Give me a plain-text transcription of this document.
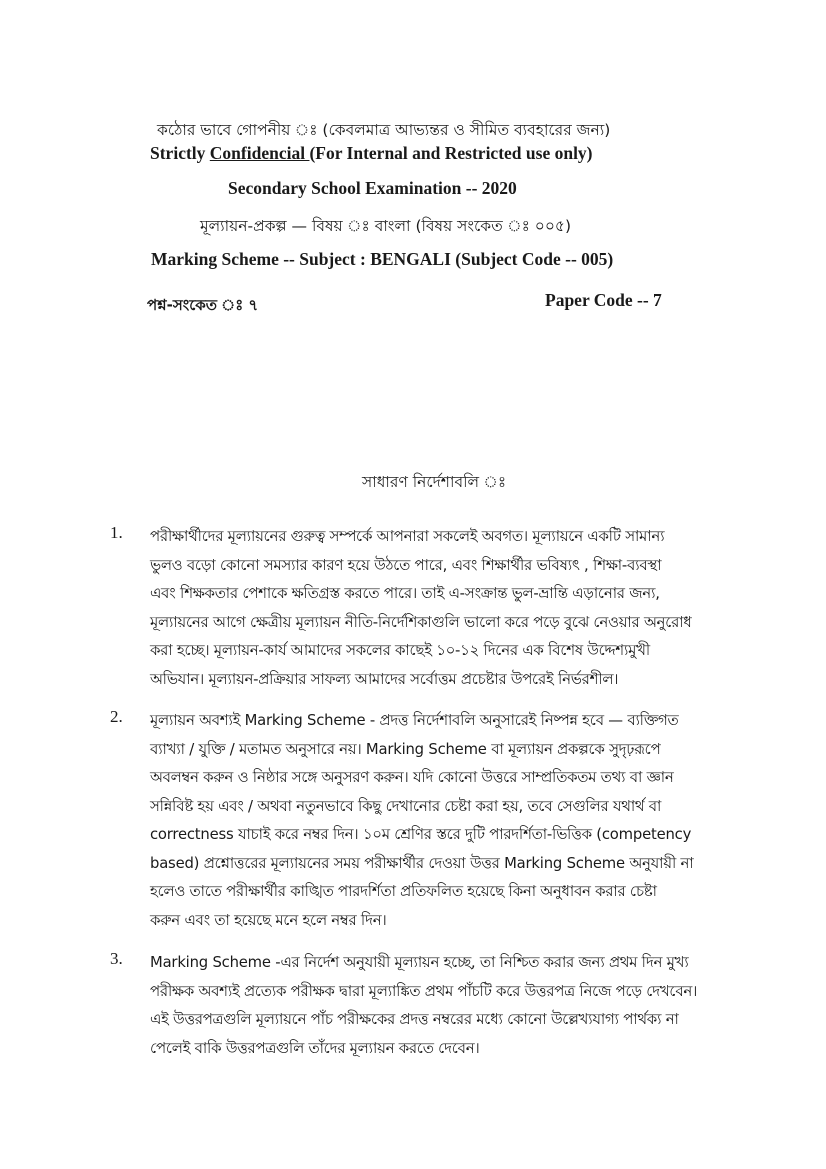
কঠোর ভাবে গোপনীয় ঃ (কেবলমাত্র আভ্যন্তর ও সীমিত ব্যবহারের জন্য)
Strictly Confidencial (For Internal and Restricted use only)
Secondary School Examination -- 2020
মূল্যায়ন-প্রকল্প — বিষয় ঃ বাংলা (বিষয় সংকেত ঃ ০০৫)
Marking Scheme -- Subject : BENGALI (Subject Code -- 005)
পশ্ন-সংকেত ঃ ৭	Paper Code -- 7
সাধারণ নির্দেশাবলি ঃ
1. পরীক্ষার্থীদের মূল্যায়নের গুরুত্ব সম্পর্কে আপনারা সকলেই অবগত। মূল্যায়নে একটি সামান্য
ভুলও বড়ো কোনো সমস্যার কারণ হয়ে উঠতে পারে, এবং শিক্ষার্থীর ভবিষ্যৎ , শিক্ষা-ব্যবস্থা
এবং শিক্ষকতার পেশাকে ক্ষতিগ্রস্ত করতে পারে। তাই এ-সংক্রান্ত ভুল-ভ্রান্তি এড়ানোর জন্য,
মূল্যায়নের আগে ক্ষেত্রীয় মূল্যায়ন নীতি-নির্দেশিকাগুলি ভালো করে পড়ে বুঝে নেওয়ার অনুরোধ
করা হচ্ছে। মূল্যায়ন-কার্য আমাদের সকলের কাছেই ১০-১২ দিনের এক বিশেষ উদ্দেশ্যমুখী
অভিযান। মূল্যায়ন-প্রক্রিয়ার সাফল্য আমাদের সর্বোত্তম প্রচেষ্টার উপরেই নির্ভরশীল।
2. মূল্যায়ন অবশ্যই Marking Scheme - প্রদত্ত নির্দেশাবলি অনুসারেই নিষ্পন্ন হবে — ব্যক্তিগত
ব্যাখ্যা / যুক্তি / মতামত অনুসারে নয়। Marking Scheme বা মূল্যায়ন প্রকল্পকে সুদৃঢ়রূপে
অবলম্বন করুন ও নিষ্ঠার সঙ্গে অনুসরণ করুন। যদি কোনো উত্তরে সাম্প্রতিকতম তথ্য বা জ্ঞান
সন্নিবিষ্ট হয় এবং / অথবা নতুনভাবে কিছু দেখানোর চেষ্টা করা হয়, তবে সেগুলির যথার্থ বা
correctness যাচাই করে নম্বর দিন। ১০ম শ্রেণির স্তরে দুটি পারদর্শিতা-ভিত্তিক (competency
based) প্রশ্নোত্তরের মূল্যায়নের সময় পরীক্ষার্থীর দেওয়া উত্তর Marking Scheme অনুযায়ী না
হলেও তাতে পরীক্ষার্থীর কাঙ্খিত পারদর্শিতা প্রতিফলিত হয়েছে কিনা অনুধাবন করার চেষ্টা
করুন এবং তা হয়েছে মনে হলে নম্বর দিন।
3. Marking Scheme -এর নির্দেশ অনুযায়ী মূল্যায়ন হচ্ছে, তা নিশ্চিত করার জন্য প্রথম দিন মুখ্য
পরীক্ষক অবশ্যই প্রত্যেক পরীক্ষক দ্বারা মূল্যাঙ্কিত প্রথম পাঁচটি করে উত্তরপত্র নিজে পড়ে দেখবেন।
এই উত্তরপত্রগুলি মূল্যায়নে পাঁচ পরীক্ষকের প্রদত্ত নম্বরের মধ্যে কোনো উল্লেখ্যযাগ্য পার্থক্য না
পেলেই বাকি উত্তরপত্রগুলি তাঁদের মূল্যায়ন করতে দেবেন।
